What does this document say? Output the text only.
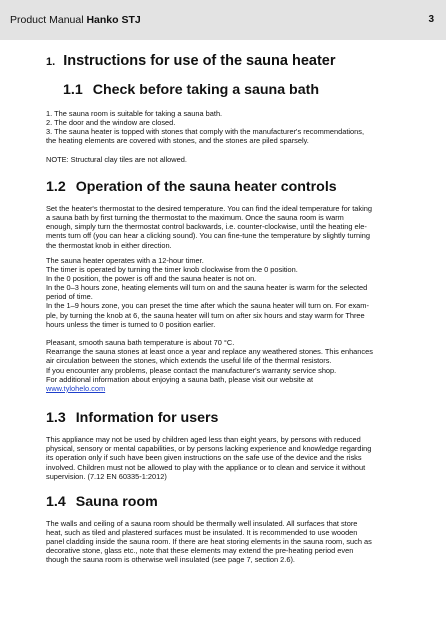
Product Manual Hanko STJ	3
1. Instructions for use of the sauna heater
1.1 Check before taking a sauna bath
1. The sauna room is suitable for taking a sauna bath.
2. The door and the window are closed.
3. The sauna heater is topped with stones that comply with the manufacturer's recommendations,
the heating elements are covered with stones, and the stones are piled sparsely.

NOTE: Structural clay tiles are not allowed.

1.2 Operation of the sauna heater controls

Set the heater's thermostat to the desired temperature. You can find the ideal temperature for taking

a sauna bath by first turning the thermostat to the maximum. Once the sauna room is warm

enough, simply turn the thermostat control backwards, i.e. counter-clockwise, until the heating ele-

ments turn off (you can hear a clicking sound). You can fine-tune the temperature by slightly turning

the thermostat knob in either direction.

The sauna heater operates with a 12-hour timer.

The timer is operated by turning the timer knob clockwise from the 0 position.

In the 0 position, the power is off and the sauna heater is not on.

In the 0–3 hours zone, heating elements will turn on and the sauna heater is warm for the selected

period of time.

In the 1–9 hours zone, you can preset the time after which the sauna heater will turn on. For exam-

ple, by turning the knob at 6, the sauna heater will turn on after six hours and stay warm for Three

hours unless the timer is turned to 0 position earlier.

Pleasant, smooth sauna bath temperature is about 70 °C.

Rearrange the sauna stones at least once a year and replace any weathered stones. This enhances

air circulation between the stones, which extends the useful life of the thermal resistors.

If you encounter any problems, please contact the manufacturer's warranty service shop.

For additional information about enjoying a sauna bath, please visit our website at

www.tylohelo.com

1.3 Information for users

This appliance may not be used by children aged less than eight years, by persons with reduced

physical, sensory or mental capabilities, or by persons lacking experience and knowledge regarding

its operation only if such have been given instructions on the safe use of the device and the risks

involved. Children must not be allowed to play with the appliance or to clean and service it without

supervision. (7.12 EN 60335-1:2012)

1.4 Sauna room

The walls and ceiling of a sauna room should be thermally well insulated. All surfaces that store

heat, such as tiled and plastered surfaces must be insulated. It is recommended to use wooden

panel cladding inside the sauna room. If there are heat storing elements in the sauna room, such as

decorative stone, glass etc., note that these elements may extend the pre-heating period even

though the sauna room is otherwise well insulated (see page 7, section 2.6).
